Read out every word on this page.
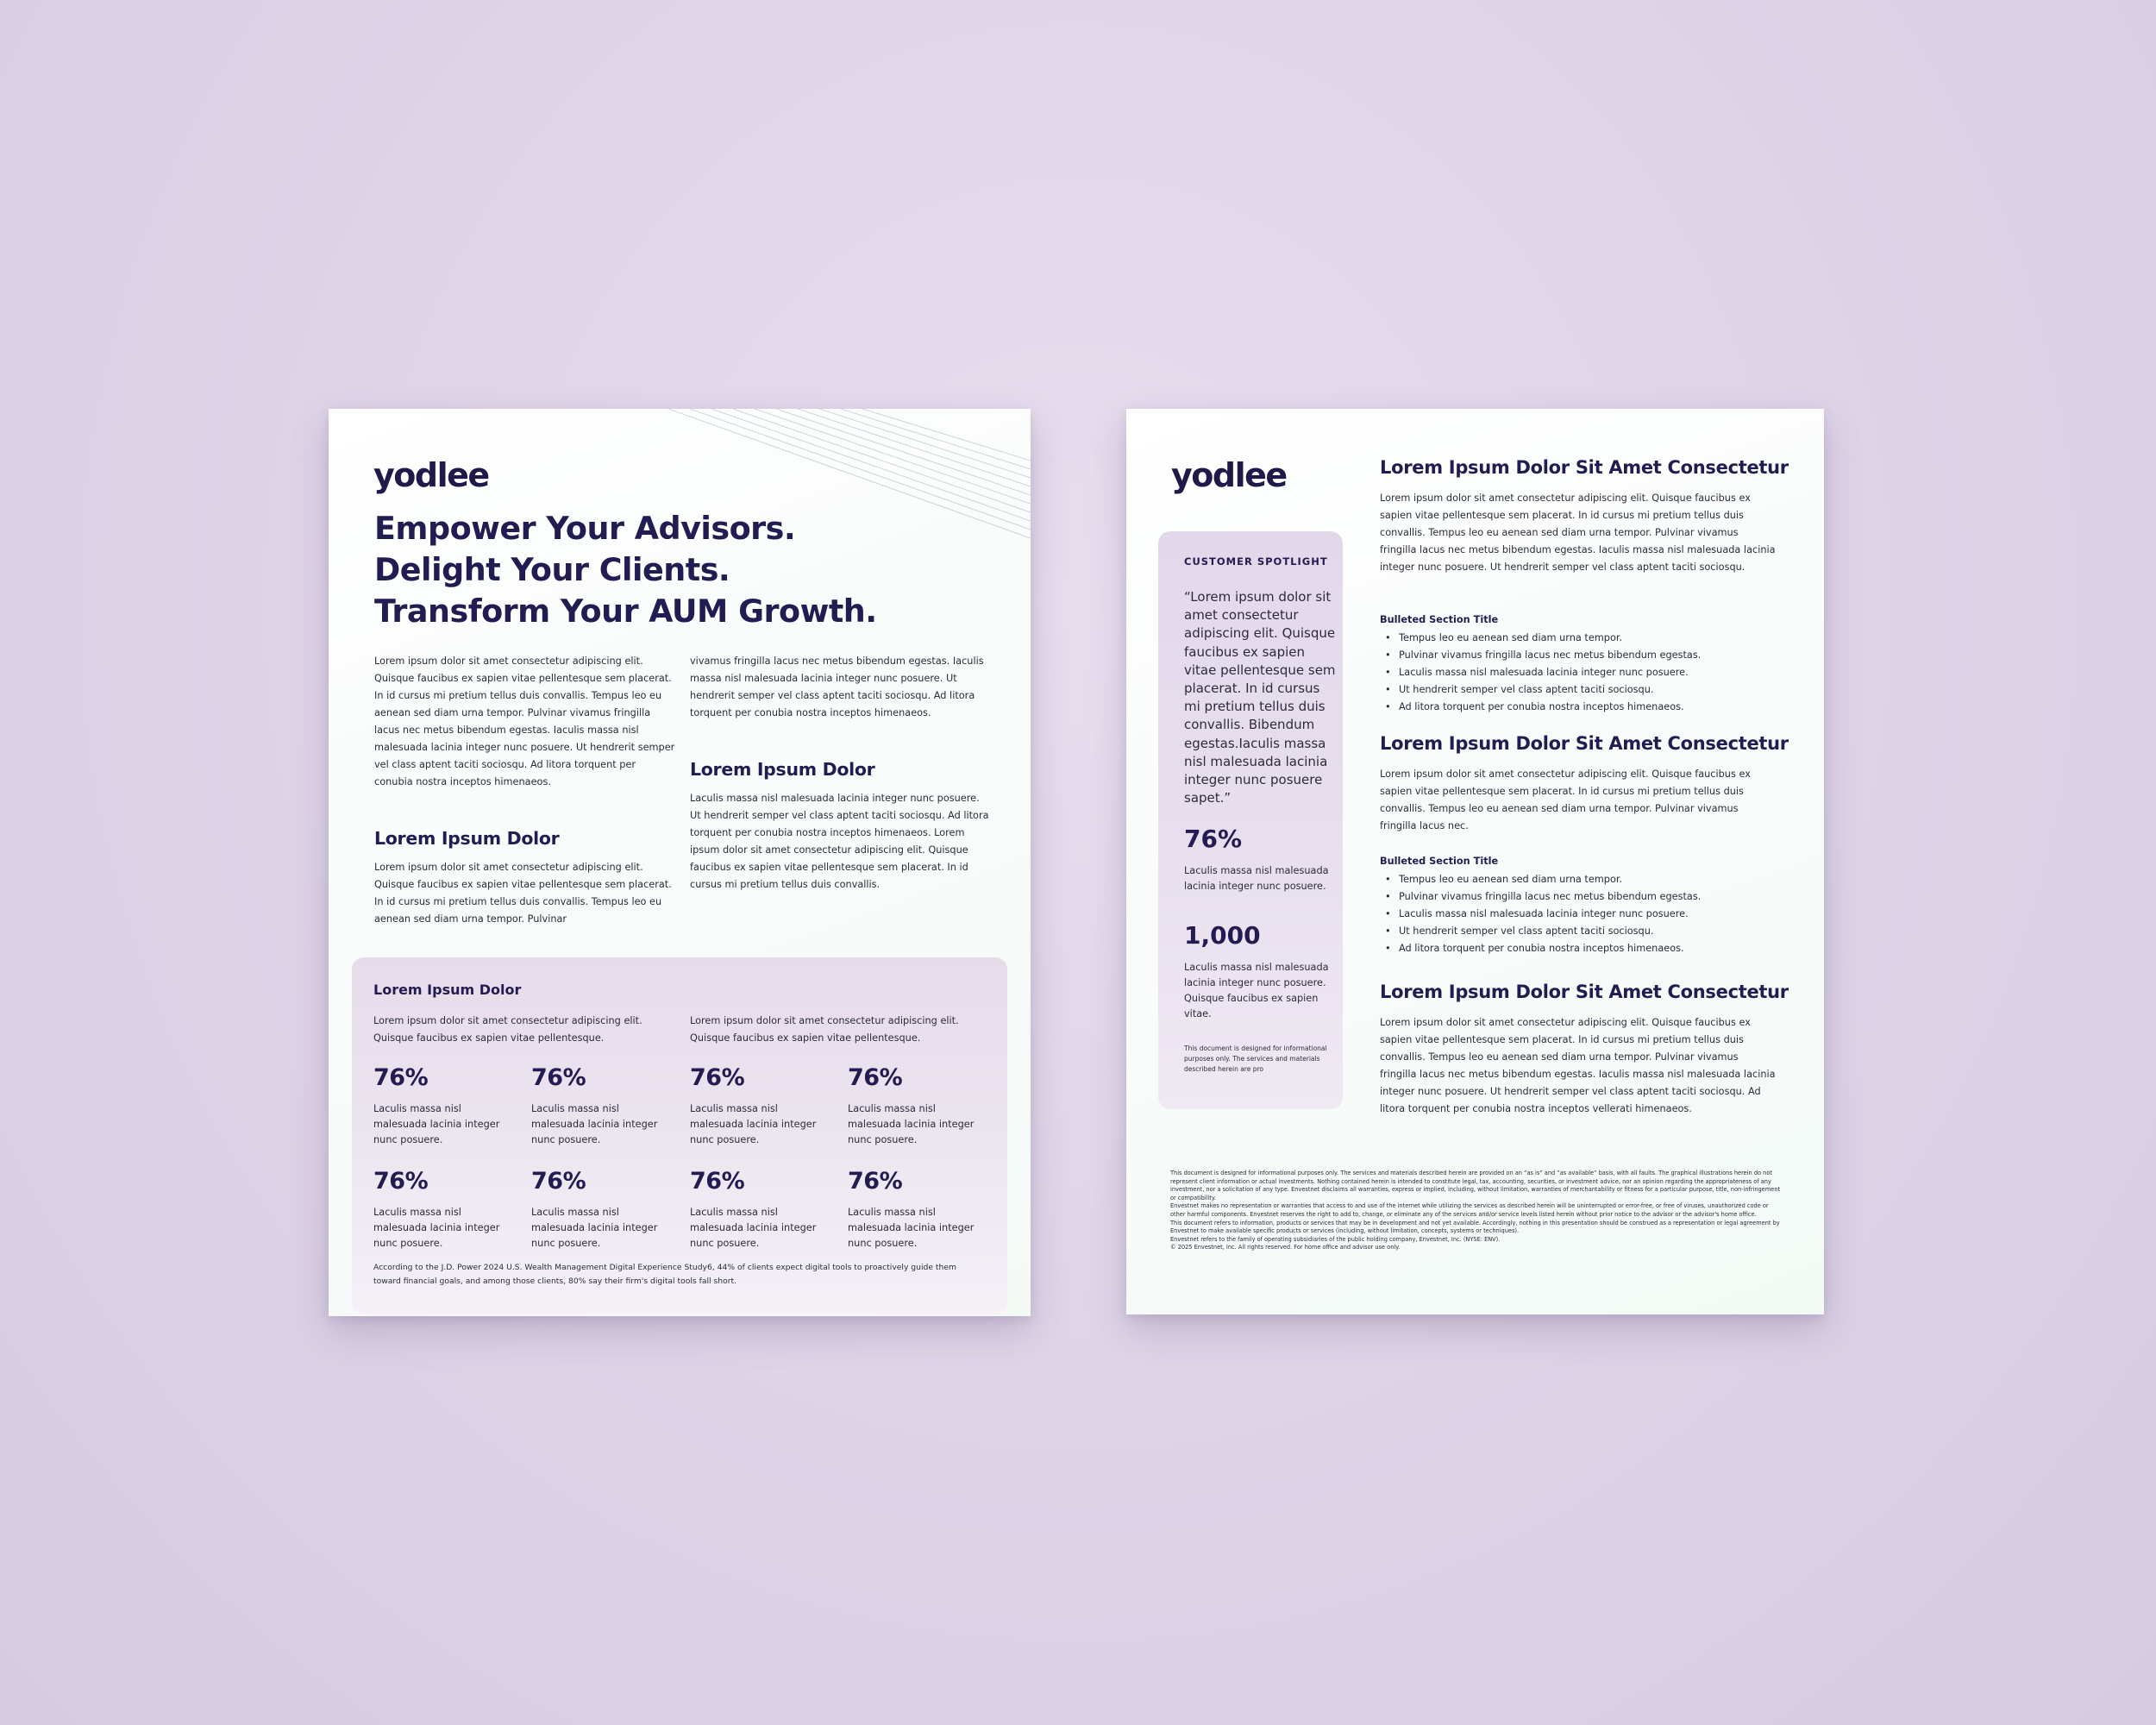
yodlee
Empower Your Advisors.
Delight Your Clients.
Transform Your AUM Growth.
Lorem ipsum dolor sit amet consectetur adipiscing elit. Quisque faucibus ex sapien vitae pellentesque sem placerat. In id cursus mi pretium tellus duis convallis. Tempus leo eu aenean sed diam urna tempor. Pulvinar vivamus fringilla lacus nec metus bibendum egestas. Iaculis massa nisl malesuada lacinia integer nunc posuere. Ut hendrerit semper vel class aptent taciti sociosqu. Ad litora torquent per conubia nostra inceptos himenaeos.
Lorem Ipsum Dolor
Lorem ipsum dolor sit amet consectetur adipiscing elit. Quisque faucibus ex sapien vitae pellentesque sem placerat. In id cursus mi pretium tellus duis convallis. Tempus leo eu aenean sed diam urna tempor. Pulvinar
vivamus fringilla lacus nec metus bibendum egestas. Iaculis massa nisl malesuada lacinia integer nunc posuere. Ut hendrerit semper vel class aptent taciti sociosqu. Ad litora torquent per conubia nostra inceptos himenaeos.
Lorem Ipsum Dolor
Laculis massa nisl malesuada lacinia integer nunc posuere. Ut hendrerit semper vel class aptent taciti sociosqu. Ad litora torquent per conubia nostra inceptos himenaeos. Lorem ipsum dolor sit amet consectetur adipiscing elit. Quisque faucibus ex sapien vitae pellentesque sem placerat. In id cursus mi pretium tellus duis convallis.
Lorem Ipsum Dolor
Lorem ipsum dolor sit amet consectetur adipiscing elit. Quisque faucibus ex sapien vitae pellentesque.
Lorem ipsum dolor sit amet consectetur adipiscing elit. Quisque faucibus ex sapien vitae pellentesque.
76%
Laculis massa nisl malesuada lacinia integer nunc posuere.
76%
Laculis massa nisl malesuada lacinia integer nunc posuere.
76%
Laculis massa nisl malesuada lacinia integer nunc posuere.
76%
Laculis massa nisl malesuada lacinia integer nunc posuere.
76%
Laculis massa nisl malesuada lacinia integer nunc posuere.
76%
Laculis massa nisl malesuada lacinia integer nunc posuere.
76%
Laculis massa nisl malesuada lacinia integer nunc posuere.
76%
Laculis massa nisl malesuada lacinia integer nunc posuere.
According to the J.D. Power 2024 U.S. Wealth Management Digital Experience Study6, 44% of clients expect digital tools to proactively guide them toward financial goals, and among those clients, 80% say their firm's digital tools fall short.
yodlee
CUSTOMER SPOTLIGHT
“Lorem ipsum dolor sit amet consectetur adipiscing elit. Quisque faucibus ex sapien vitae pellentesque sem placerat. In id cursus mi pretium tellus duis convallis. Bibendum egestas.Iaculis massa nisl malesuada lacinia integer nunc posuere sapet.”
76%
Laculis massa nisl malesuada lacinia integer nunc posuere.
1,000
Laculis massa nisl malesuada lacinia integer nunc posuere. Quisque faucibus ex sapien vitae.
This document is designed for informational purposes only. The services and materials described herein are pro
Lorem Ipsum Dolor Sit Amet Consectetur
Lorem ipsum dolor sit amet consectetur adipiscing elit. Quisque faucibus ex sapien vitae pellentesque sem placerat. In id cursus mi pretium tellus duis convallis. Tempus leo eu aenean sed diam urna tempor. Pulvinar vivamus fringilla lacus nec metus bibendum egestas. Iaculis massa nisl malesuada lacinia integer nunc posuere. Ut hendrerit semper vel class aptent taciti sociosqu.
Bulleted Section Title
• Tempus leo eu aenean sed diam urna tempor.
• Pulvinar vivamus fringilla lacus nec metus bibendum egestas.
• Laculis massa nisl malesuada lacinia integer nunc posuere.
• Ut hendrerit semper vel class aptent taciti sociosqu.
• Ad litora torquent per conubia nostra inceptos himenaeos.
Lorem Ipsum Dolor Sit Amet Consectetur
Lorem ipsum dolor sit amet consectetur adipiscing elit. Quisque faucibus ex sapien vitae pellentesque sem placerat. In id cursus mi pretium tellus duis convallis. Tempus leo eu aenean sed diam urna tempor. Pulvinar vivamus fringilla lacus nec.
Bulleted Section Title
• Tempus leo eu aenean sed diam urna tempor.
• Pulvinar vivamus fringilla lacus nec metus bibendum egestas.
• Laculis massa nisl malesuada lacinia integer nunc posuere.
• Ut hendrerit semper vel class aptent taciti sociosqu.
• Ad litora torquent per conubia nostra inceptos himenaeos.
Lorem Ipsum Dolor Sit Amet Consectetur
Lorem ipsum dolor sit amet consectetur adipiscing elit. Quisque faucibus ex sapien vitae pellentesque sem placerat. In id cursus mi pretium tellus duis convallis. Tempus leo eu aenean sed diam urna tempor. Pulvinar vivamus fringilla lacus nec metus bibendum egestas. Iaculis massa nisl malesuada lacinia integer nunc posuere. Ut hendrerit semper vel class aptent taciti sociosqu. Ad litora torquent per conubia nostra inceptos vellerati himenaeos.

This document is designed for informational purposes only. The services and materials described herein are provided on an “as is” and “as available” basis, with all faults. The graphical illustrations herein do not represent client information or actual investments. Nothing contained herein is intended to constitute legal, tax, accounting, securities, or investment advice, nor an opinion regarding the appropriateness of any investment, nor a solicitation of any type. Envestnet disclaims all warranties, express or implied, including, without limitation, warranties of merchantability or fitness for a particular purpose, title, non-infringement or compatibility.

Envestnet makes no representation or warranties that access to and use of the internet while utilizing the services as described herein will be uninterrupted or error-free, or free of viruses, unauthorized code or other harmful components. Envestnet reserves the right to add to, change, or eliminate any of the services and/or service levels listed herein without prior notice to the advisor or the advisor's home office.

This document refers to information, products or services that may be in development and not yet available. Accordingly, nothing in this presentation should be construed as a representation or legal agreement by Envestnet to make available specific products or services (including, without limitation, concepts, systems or techniques).

Envestnet refers to the family of operating subsidiaries of the public holding company, Envestnet, Inc. (NYSE: ENV).

© 2025 Envestnet, Inc. All rights reserved. For home office and advisor use only.
